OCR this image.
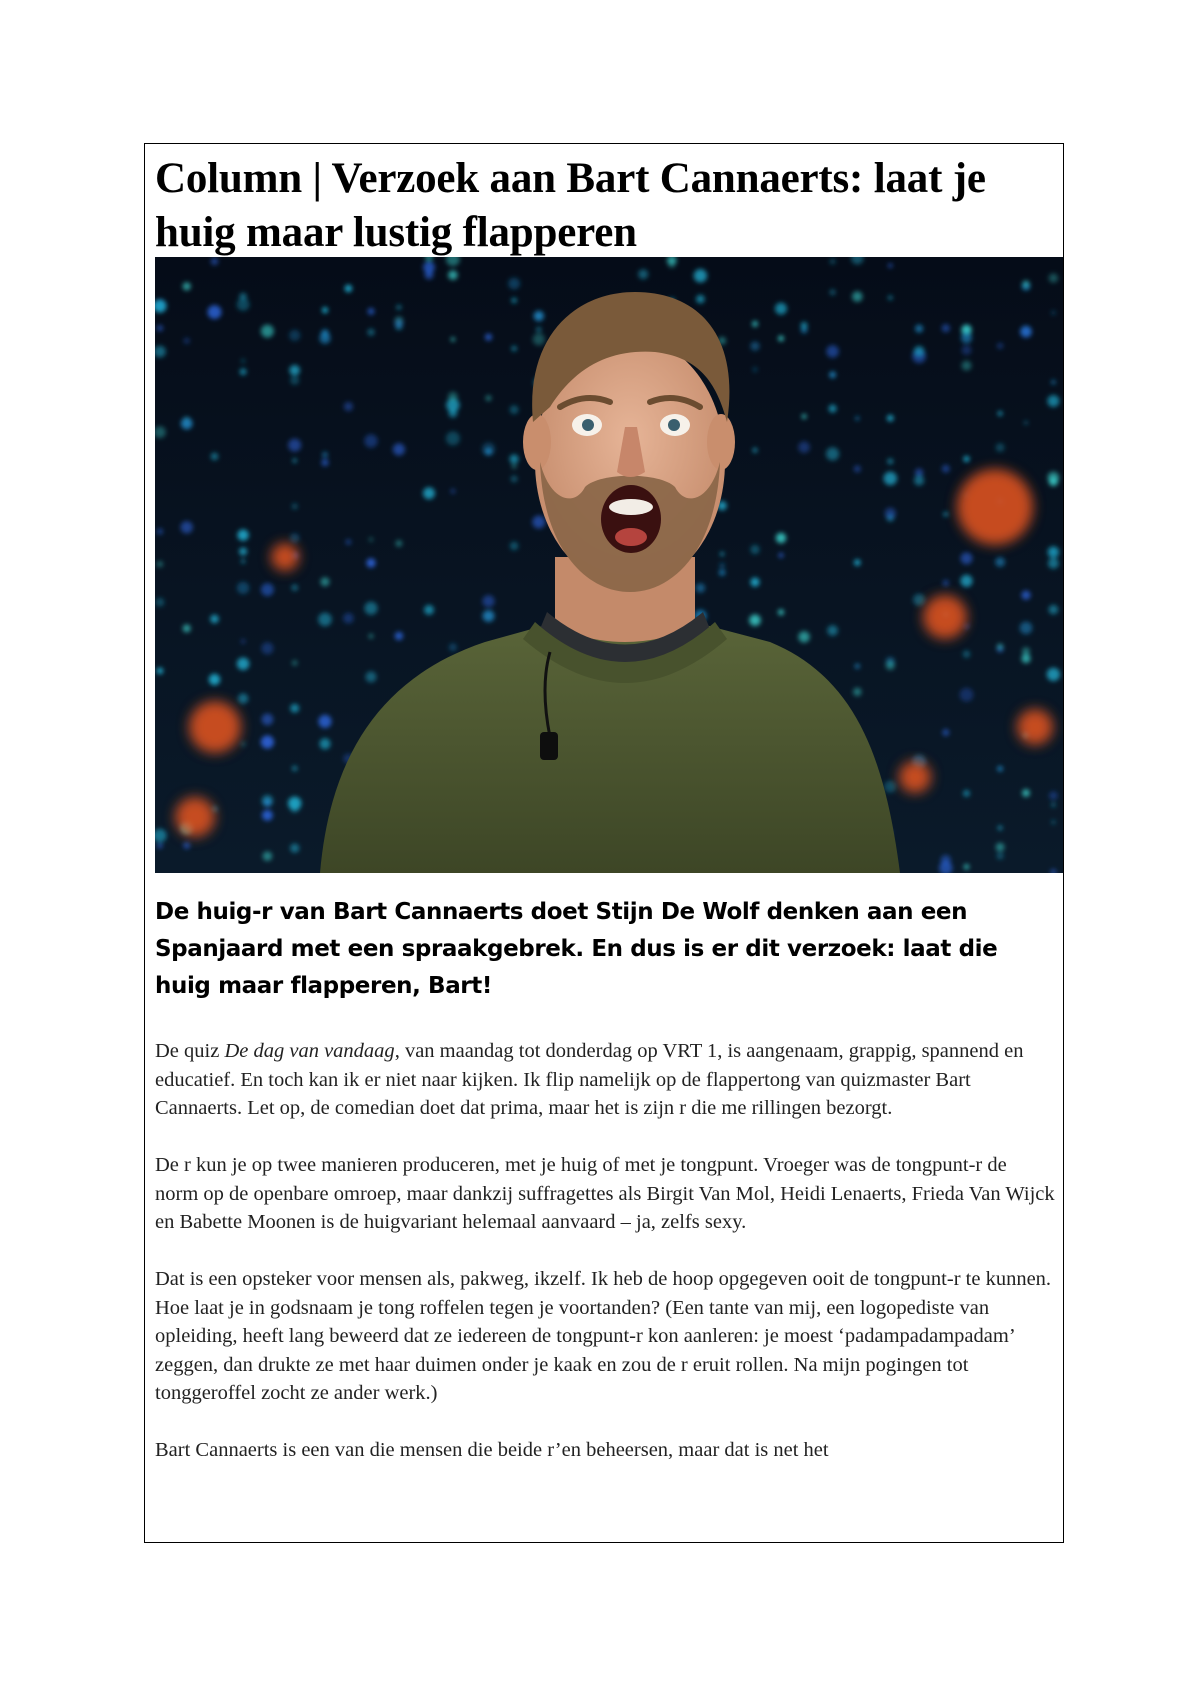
Column | Verzoek aan Bart Cannaerts: laat je huig maar lustig flapperen

De huig-r van Bart Cannaerts doet Stijn De Wolf denken aan een Spanjaard met een spraakgebrek. En dus is er dit verzoek: laat die huig maar flapperen, Bart!

De quiz De dag van vandaag, van maandag tot donderdag op VRT 1, is aangenaam, grappig, spannend en educatief. En toch kan ik er niet naar kijken. Ik flip namelijk op de flappertong van quizmaster Bart Cannaerts. Let op, de comedian doet dat prima, maar het is zijn r die me rillingen bezorgt.

De r kun je op twee manieren produceren, met je huig of met je tongpunt. Vroeger was de tongpunt-r de norm op de openbare omroep, maar dankzij suffragettes als Birgit Van Mol, Heidi Lenaerts, Frieda Van Wijck en Babette Moonen is de huigvariant helemaal aanvaard – ja, zelfs sexy.

Dat is een opsteker voor mensen als, pakweg, ikzelf. Ik heb de hoop opgegeven ooit de tongpunt-r te kunnen. Hoe laat je in godsnaam je tong roffelen tegen je voortanden? (Een tante van mij, een logopediste van opleiding, heeft lang beweerd dat ze iedereen de tongpunt-r kon aanleren: je moest ‘padampadampadam’ zeggen, dan drukte ze met haar duimen onder je kaak en zou de r eruit rollen. Na mijn pogingen tot tonggeroffel zocht ze ander werk.)

Bart Cannaerts is een van die mensen die beide r’en beheersen, maar dat is net het
